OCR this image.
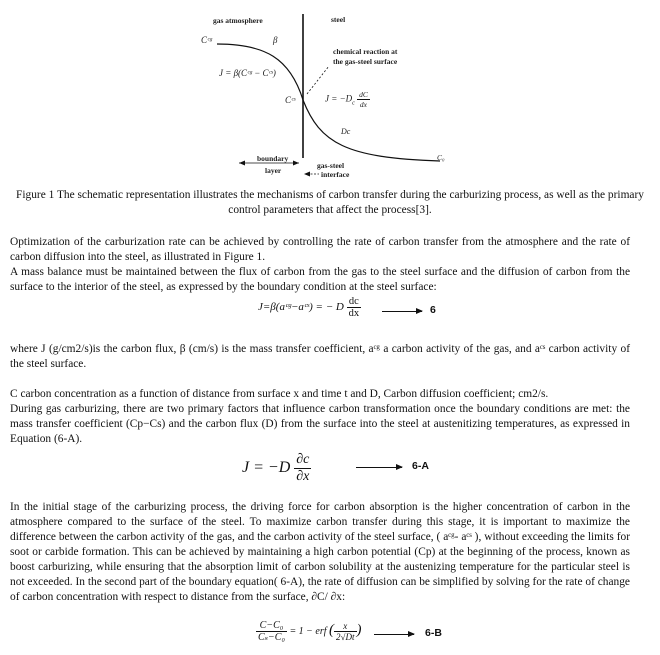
gas atmosphere	steel
Cᶜᵍ	β
J = β(Cᶜᵍ − Cᶜˢ)
Cᶜˢ
chemical reaction at
the gas-steel surface
$J = -D_c \frac{dC}{dx}$
Dc
C₀
boundary
layer
gas-steel
interface
Figure 1 The schematic representation illustrates the mechanisms of carbon transfer during the carburizing process, as well as the primary control parameters that affect the process[3].
Optimization of the carburization rate can be achieved by controlling the rate of carbon transfer from the atmosphere and the rate of carbon diffusion into the steel, as illustrated in Figure 1.
A mass balance must be maintained between the flux of carbon from the gas to the steel surface and the diffusion of carbon from the surface to the interior of the steel, as expressed by the boundary condition at the steel surface:
J=β(aᶜᵍ−aᶜˢ) = − D $\frac{dc}{dx}$	6
where J (g/cm2/s)is the carbon flux, β (cm/s) is the mass transfer coefficient, aᶜᵍ a carbon activity of the gas, and aᶜˢ carbon activity of the steel surface.
C carbon concentration as a function of distance from surface x and time t and D, Carbon diffusion coefficient; cm2/s.
During gas carburizing, there are two primary factors that influence carbon transformation once the boundary conditions are met: the mass transfer coefficient (Cp−Cs) and the carbon flux (D) from the surface into the steel at austenitizing temperatures, as expressed in Equation (6-A).
$J = -D \frac{\partial c}{\partial x}$	6-A
In the initial stage of the carburizing process, the driving force for carbon absorption is the higher concentration of carbon in the atmosphere compared to the surface of the steel. To maximize carbon transfer during this stage, it is important to maximize the difference between the carbon activity of the gas, and the carbon activity of the steel surface, ( aᶜᵍ- aᶜˢ ), without exceeding the limits for soot or carbide formation. This can be achieved by maintaining a high carbon potential (Cp) at the beginning of the process, known as boost carburizing, while ensuring that the absorption limit of carbon solubility at the austenizing temperature for the particular steel is not exceeded. In the second part of the boundary equation( 6-A), the rate of diffusion can be simplified by solving for the rate of change of carbon concentration with respect to distance from the surface, ∂C/ ∂x:
$\frac{\text{C−C₀}}{\text{Cₛ−C₀}} = 1$ − erf ( $\frac{x}{2√Dt}$ )	6-B
